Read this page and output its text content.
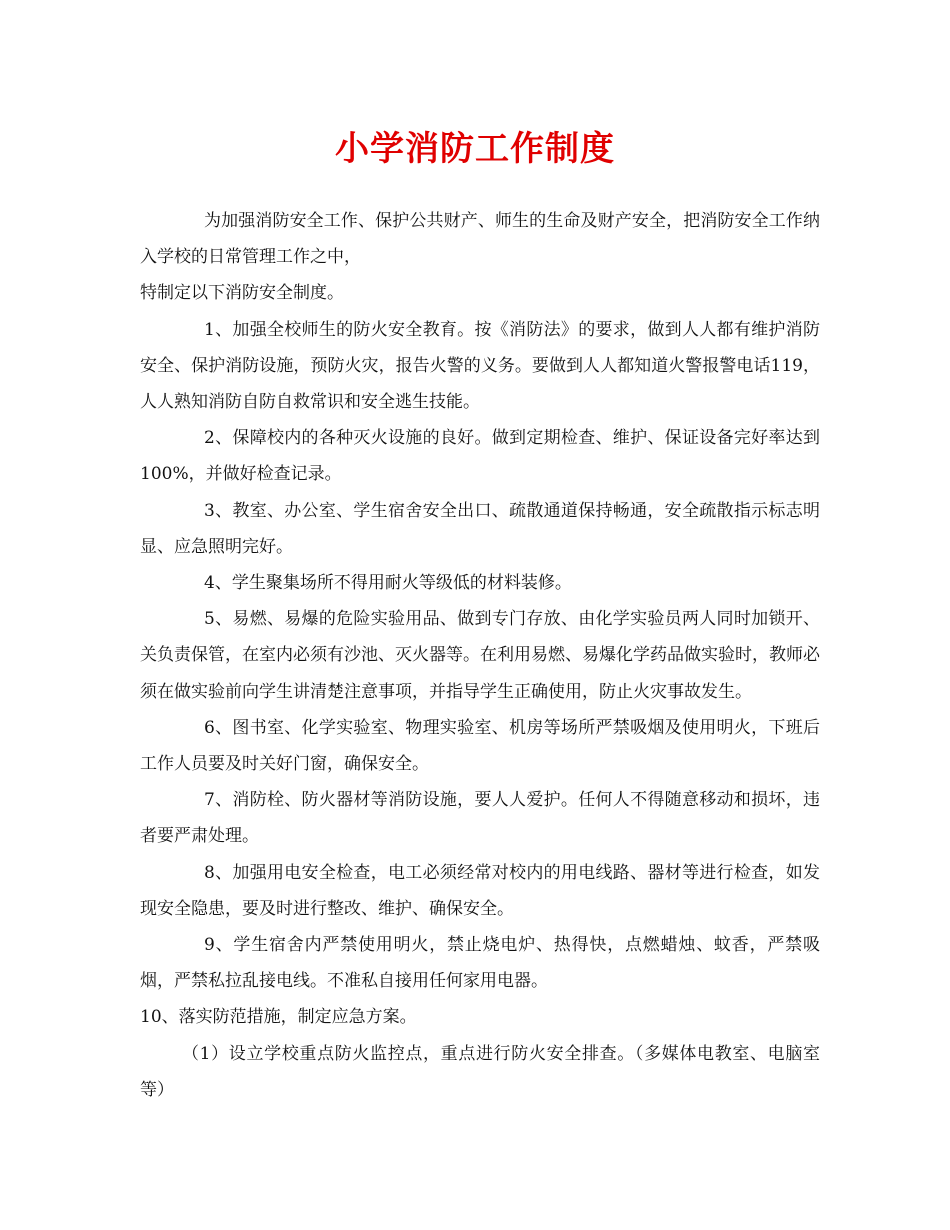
小学消防工作制度

为加强消防安全工作、保护公共财产、师生的生命及财产安全，把消防安全工作纳入学校的日常管理工作之中，

特制定以下消防安全制度。

1、加强全校师生的防火安全教育。按《消防法》的要求，做到人人都有维护消防安全、保护消防设施，预防火灾，报告火警的义务。要做到人人都知道火警报警电话119，人人熟知消防自防自救常识和安全逃生技能。

2、保障校内的各种灭火设施的良好。做到定期检查、维护、保证设备完好率达到100%，并做好检查记录。

3、教室、办公室、学生宿舍安全出口、疏散通道保持畅通，安全疏散指示标志明显、应急照明完好。

4、学生聚集场所不得用耐火等级低的材料装修。

5、易燃、易爆的危险实验用品、做到专门存放、由化学实验员两人同时加锁开、关负责保管，在室内必须有沙池、灭火器等。在利用易燃、易爆化学药品做实验时，教师必须在做实验前向学生讲清楚注意事项，并指导学生正确使用，防止火灾事故发生。

6、图书室、化学实验室、物理实验室、机房等场所严禁吸烟及使用明火，下班后工作人员要及时关好门窗，确保安全。

7、消防栓、防火器材等消防设施，要人人爱护。任何人不得随意移动和损坏，违者要严肃处理。

8、加强用电安全检查，电工必须经常对校内的用电线路、器材等进行检查，如发现安全隐患，要及时进行整改、维护、确保安全。

9、学生宿舍内严禁使用明火，禁止烧电炉、热得快，点燃蜡烛、蚊香，严禁吸烟，严禁私拉乱接电线。不准私自接用任何家用电器。

10、落实防范措施，制定应急方案。

（1）设立学校重点防火监控点，重点进行防火安全排查。（多媒体电教室、电脑室等）
